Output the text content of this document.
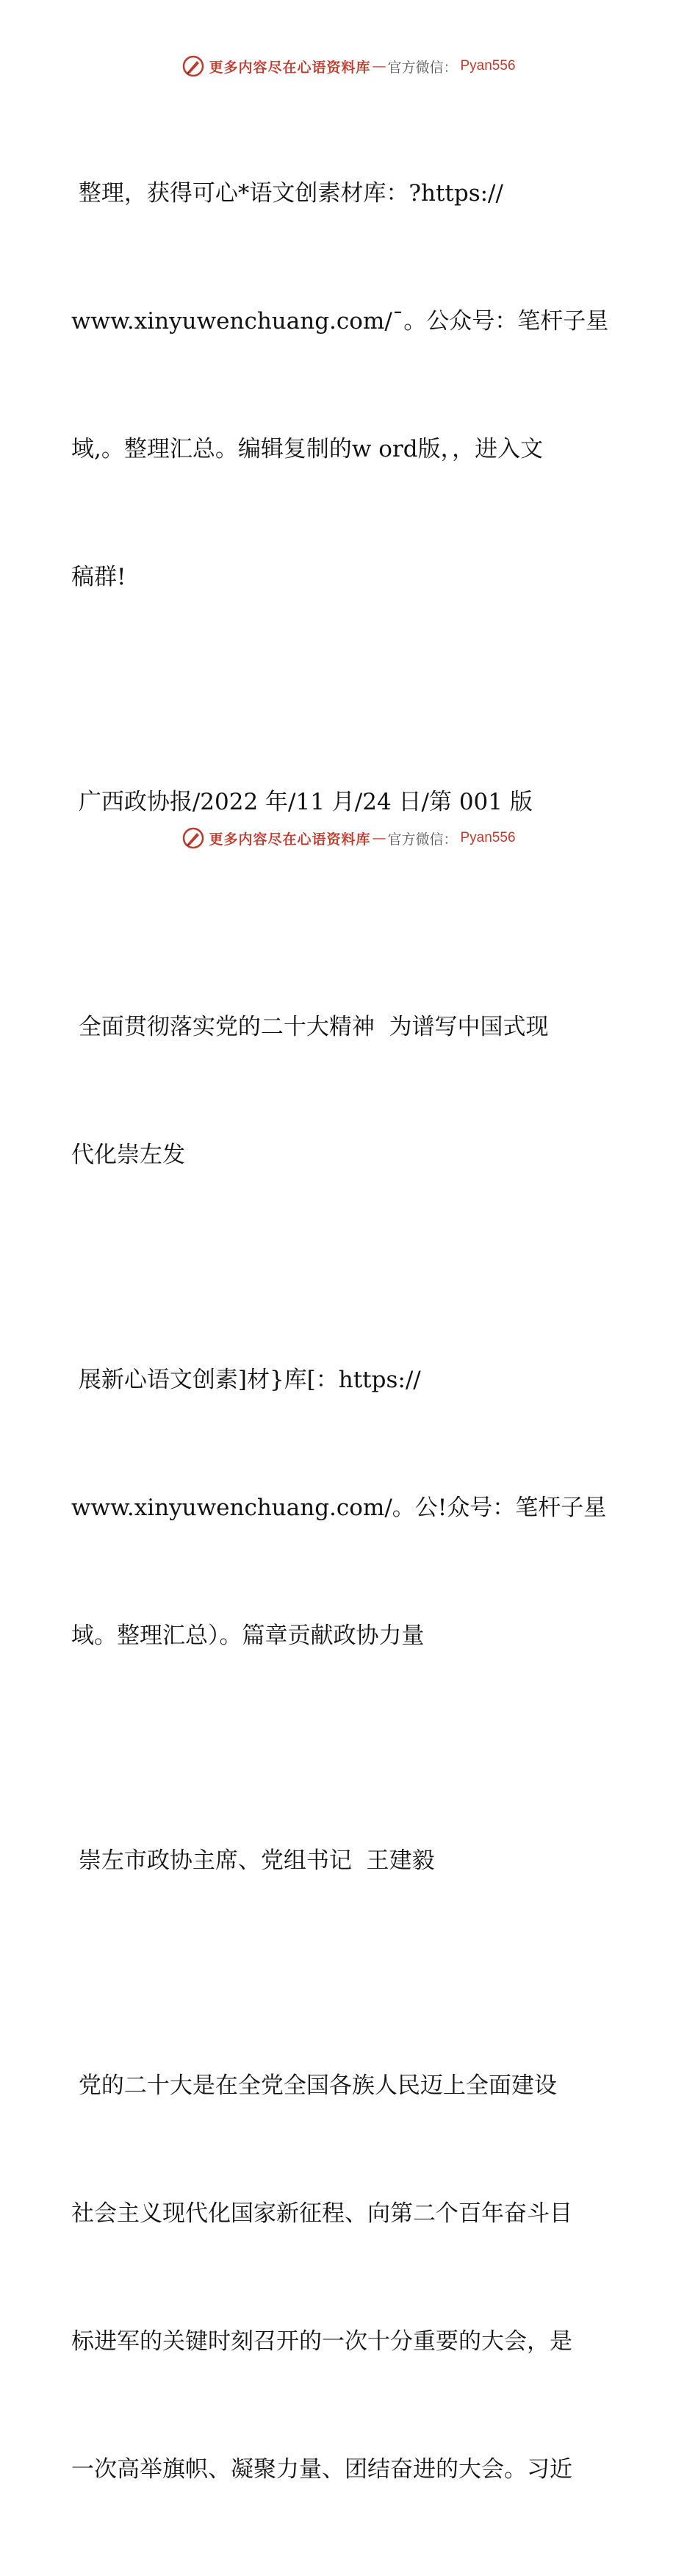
更多内容尽在心语资料库 — 官方微信： Pyan556

整理，获得可心*语文创素材库：?https://

www.xinyuwenchuang.com/¯。公众号：笔杆子星

域,。整理汇总。编辑复制的w ord版，，进入文

稿群!

广西政协报/2022 年/11 月/24 日/第 001 版

全面贯彻落实党的二十大精神  为谱写中国式现

代化崇左发

展新心语文创素]材}库[：https://

www.xinyuwenchuang.com/。公!众号：笔杆子星

域。整理汇总）。篇章贡献政协力量

崇左市政协主席、党组书记  王建毅

党的二十大是在全党全国各族人民迈上全面建设

社会主义现代化国家新征程、向第二个百年奋斗目

标进军的关键时刻召开的一次十分重要的大会，是

一次高举旗帜、凝聚力量、团结奋进的大会。习近

更多内容尽在心语资料库 — 官方微信： Pyan556
